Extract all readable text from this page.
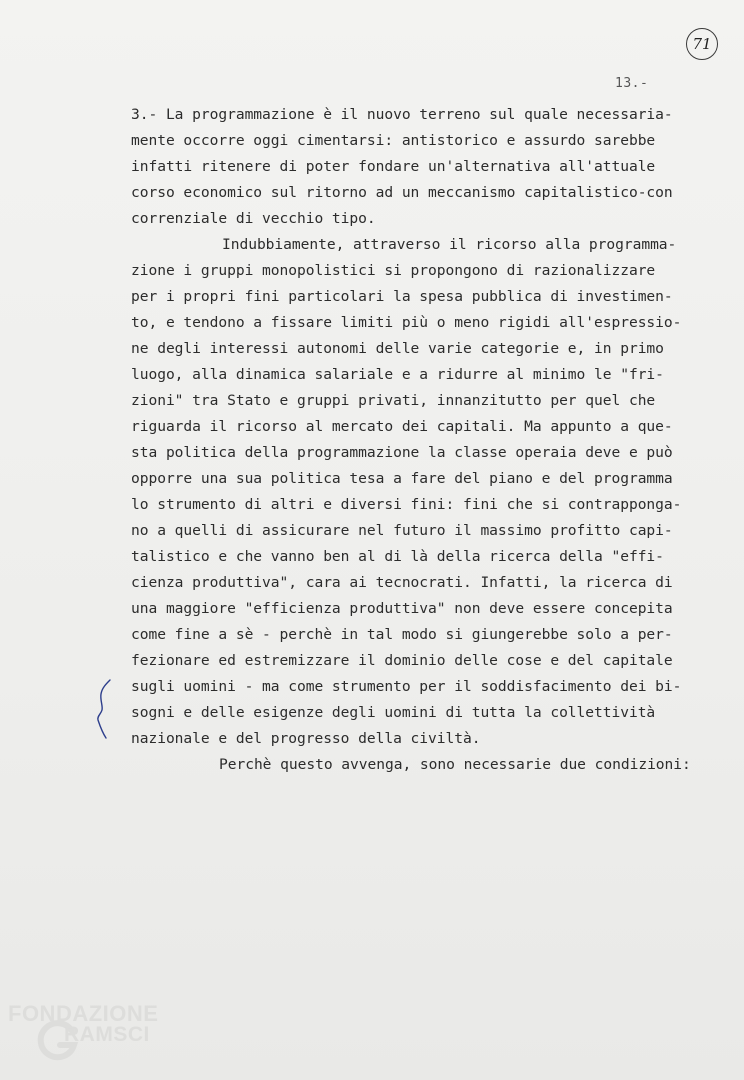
71
13.-
3.- La programmazione è il nuovo terreno sul quale necessaria-
mente occorre oggi cimentarsi: antistorico e assurdo sarebbe
infatti ritenere di poter fondare un'alternativa all'attuale
corso economico sul ritorno ad un meccanismo capitalistico-con
correnziale di vecchio tipo.
Indubbiamente, attraverso il ricorso alla programma-
zione i gruppi monopolistici si propongono di razionalizzare
per i propri fini particolari la spesa pubblica di investimen-
to, e tendono a fissare limiti più o meno rigidi all'espressio-
ne degli interessi autonomi delle varie categorie e, in primo
luogo, alla dinamica salariale e a ridurre al minimo le "fri-
zioni" tra Stato e gruppi privati, innanzitutto per quel che
riguarda il ricorso al mercato dei capitali. Ma appunto a que-
sta politica della programmazione la classe operaia deve e può
opporre una sua politica tesa a fare del piano e del programma
lo strumento di altri e diversi fini: fini che si contrapponga-
no a quelli di assicurare nel futuro il massimo profitto capi-
talistico e che vanno ben al di là della ricerca della "effi-
cienza produttiva", cara ai tecnocrati. Infatti, la ricerca di
una maggiore "efficienza produttiva" non deve essere concepita
come fine a sè - perchè in tal modo si giungerebbe solo a per-
fezionare ed estremizzare il dominio delle cose e del capitale
sugli uomini - ma come strumento per il soddisfacimento dei bi-
sogni e delle esigenze degli uomini di tutta la collettività
nazionale e del progresso della civiltà.
Perchè questo avvenga, sono necessarie due condizioni:
FONDAZIONE
RAMSCI
